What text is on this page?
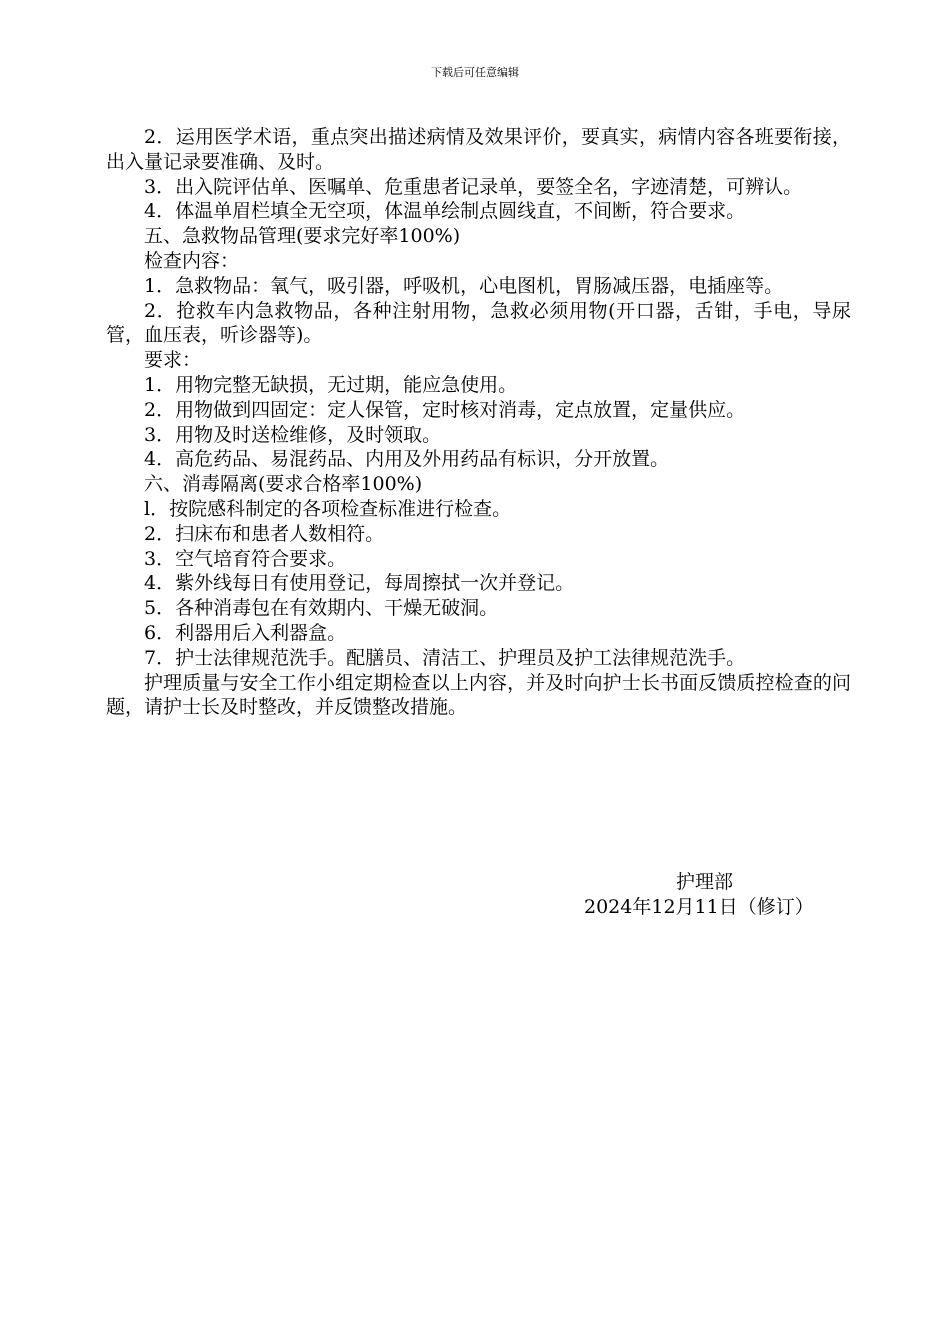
下载后可任意编辑

2．运用医学术语，重点突出描述病情及效果评价，要真实，病情内容各班要衔接，出入量记录要准确、及时。

3．出入院评估单、医嘱单、危重患者记录单，要签全名，字迹清楚，可辨认。

4．体温单眉栏填全无空项，体温单绘制点圆线直，不间断，符合要求。

五、急救物品管理(要求完好率100%)

检查内容：

1．急救物品：氧气，吸引器，呼吸机，心电图机，胃肠减压器，电插座等。

2．抢救车内急救物品，各种注射用物，急救必须用物(开口器，舌钳，手电，导尿管，血压表，听诊器等)。

要求：

1．用物完整无缺损，无过期，能应急使用。

2．用物做到四固定：定人保管，定时核对消毒，定点放置，定量供应。

3．用物及时送检维修，及时领取。

4．高危药品、易混药品、内用及外用药品有标识，分开放置。

六、消毒隔离(要求合格率100%)

l．按院感科制定的各项检查标准进行检查。

2．扫床布和患者人数相符。

3．空气培育符合要求。

4．紫外线每日有使用登记，每周擦拭一次并登记。

5．各种消毒包在有效期内、干燥无破洞。

6．利器用后入利器盒。

7．护士法律规范洗手。配膳员、清洁工、护理员及护工法律规范洗手。

护理质量与安全工作小组定期检查以上内容，并及时向护士长书面反馈质控检查的问题，请护士长及时整改，并反馈整改措施。

护理部
2024年12月11日（修订）
